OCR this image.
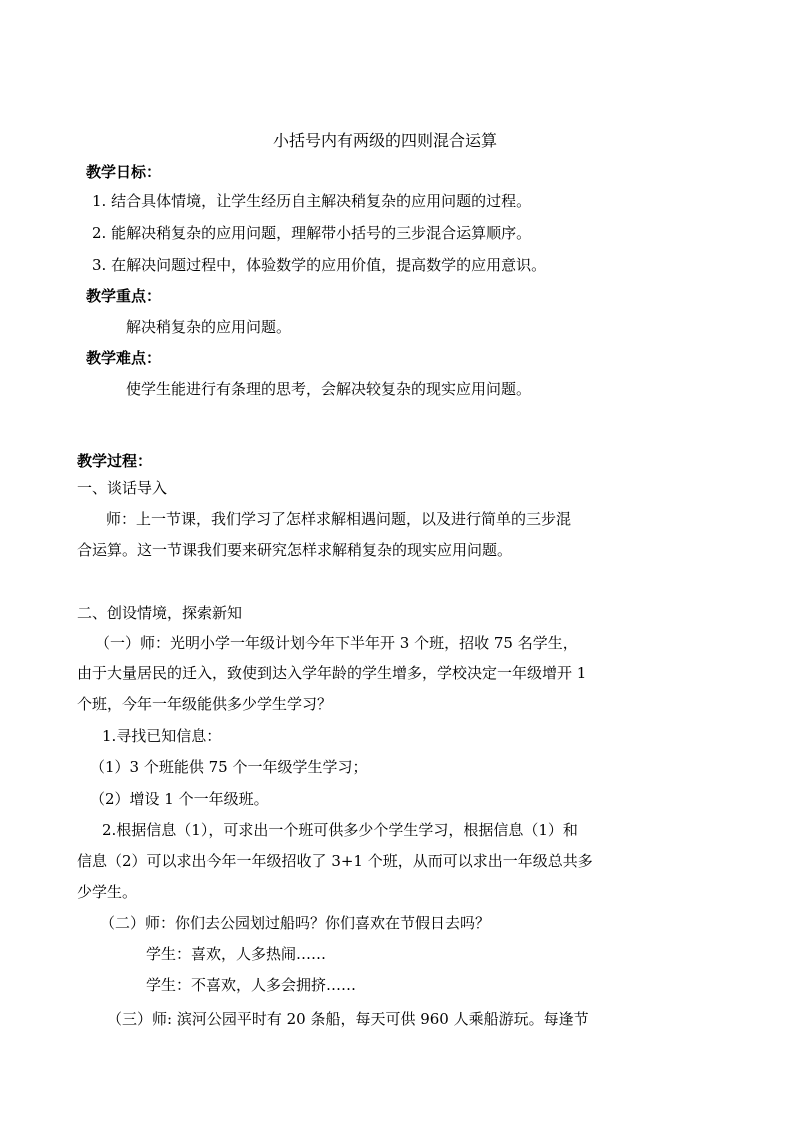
小括号内有两级的四则混合运算
教学日标：
1. 结合具体情境，让学生经历自主解决稍复杂的应用问题的过程。
2. 能解决稍复杂的应用问题，理解带小括号的三步混合运算顺序。
3. 在解决问题过程中，体验数学的应用价值，提高数学的应用意识。
教学重点：
解决稍复杂的应用问题。
教学难点：
使学生能进行有条理的思考，会解决较复杂的现实应用问题。
教学过程：
一、谈话导入
师：上一节课，我们学习了怎样求解相遇问题，以及进行简单的三步混
合运算。这一节课我们要来研究怎样求解稍复杂的现实应用问题。
二、创设情境，探索新知
（一）师：光明小学一年级计划今年下半年开 3 个班，招收 75 名学生，
由于大量居民的迁入，致使到达入学年龄的学生增多，学校决定一年级增开 1
个班，今年一年级能供多少学生学习？
1.寻找已知信息：
（1）3 个班能供 75 个一年级学生学习；
（2）增设 1 个一年级班。
2.根据信息（1），可求出一个班可供多少个学生学习，根据信息（1）和
信息（2）可以求出今年一年级招收了 3+1 个班，从而可以求出一年级总共多
少学生。
（二）师：你们去公园划过船吗？你们喜欢在节假日去吗？
学生：喜欢，人多热闹……
学生：不喜欢，人多会拥挤……
（三）师: 滨河公园平时有 20 条船，每天可供 960 人乘船游玩。每逢节
